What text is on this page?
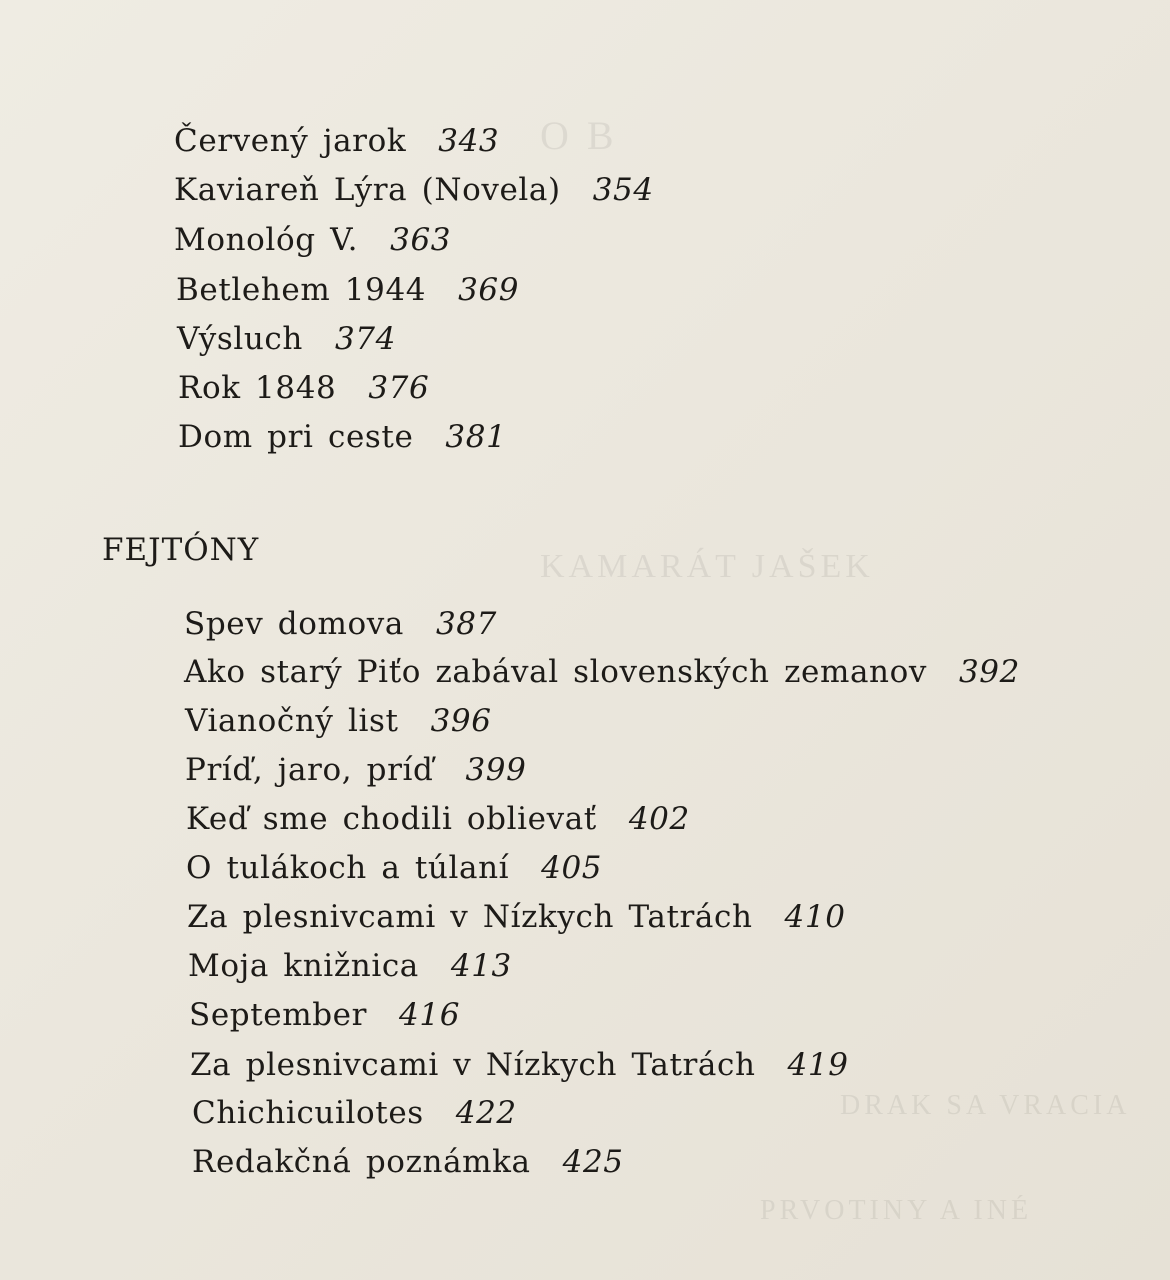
O B
KAMARÁT JAŠEK
DRAK SA VRACIA
PRVOTINY A INÉ
Červený jarok 343
Kaviareň Lýra (Novela) 354
Monológ V. 363
Betlehem 1944 369
Výsluch 374
Rok 1848 376
Dom pri ceste 381
FEJTÓNY
Spev domova 387
Ako starý Piťo zabával slovenských zemanov 392
Vianočný list 396
Príď, jaro, príď 399
Keď sme chodili oblievať 402
O tulákoch a túlaní 405
Za plesnivcami v Nízkych Tatrách 410
Moja knižnica 413
September 416
Za plesnivcami v Nízkych Tatrách 419
Chichicuilotes 422
Redakčná poznámka 425
